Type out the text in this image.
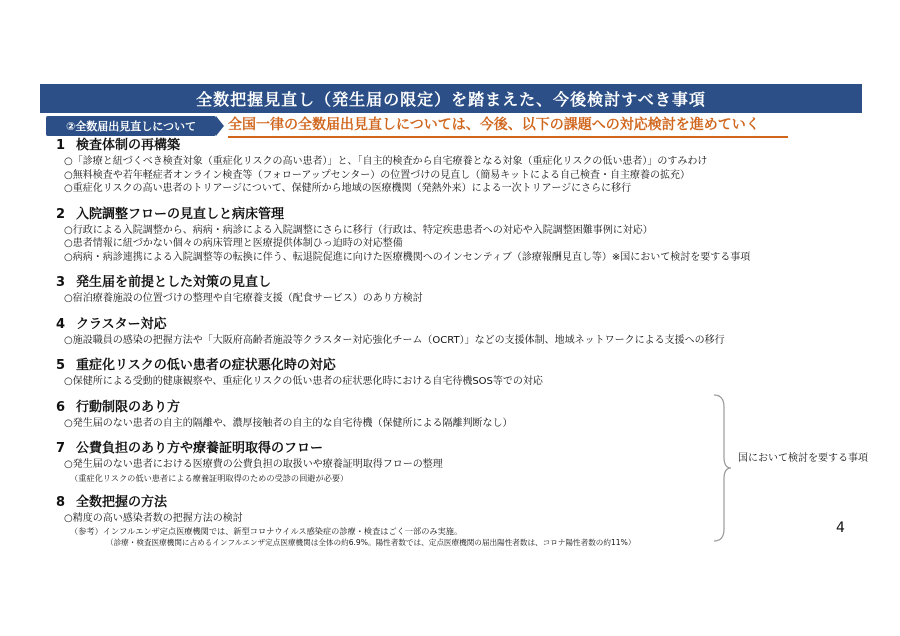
全数把握見直し（発生届の限定）を踏まえた、今後検討すべき事項
②全数届出見直しについて	全国一律の全数届出見直しについては、今後、以下の課題への対応検討を進めていく
1 検査体制の再構築
○「診療と紐づくべき検査対象（重症化リスクの高い患者）」と、「自主的検査から自宅療養となる対象（重症化リスクの低い患者）」のすみわけ
○無料検査や若年軽症者オンライン検査等（フォローアップセンター）の位置づけの見直し（簡易キットによる自己検査・自主療養の拡充）
○重症化リスクの高い患者のトリアージについて、保健所から地域の医療機関（発熱外来）による一次トリアージにさらに移行
2 入院調整フローの見直しと病床管理
○行政による入院調整から、病病・病診による入院調整にさらに移行（行政は、特定疾患患者への対応や入院調整困難事例に対応）
○患者情報に紐づかない個々の病床管理と医療提供体制ひっ迫時の対応整備
○病病・病診連携による入院調整等の転換に伴う、転退院促進に向けた医療機関へのインセンティブ（診療報酬見直し等）※国において検討を要する事項
3 発生届を前提とした対策の見直し
○宿泊療養施設の位置づけの整理や自宅療養支援（配食サービス）のあり方検討
4 クラスター対応
○施設職員の感染の把握方法や「大阪府高齢者施設等クラスター対応強化チーム（OCRT）」などの支援体制、地域ネットワークによる支援への移行
5 重症化リスクの低い患者の症状悪化時の対応
○保健所による受動的健康観察や、重症化リスクの低い患者の症状悪化時における自宅待機SOS等での対応
6 行動制限のあり方
○発生届のない患者の自主的隔離や、濃厚接触者の自主的な自宅待機（保健所による隔離判断なし）
7 公費負担のあり方や療養証明取得のフロー
○発生届のない患者における医療費の公費負担の取扱いや療養証明取得フローの整理
（重症化リスクの低い患者による療養証明取得のための受診の回避が必要）
8 全数把握の方法
○精度の高い感染者数の把握方法の検討
（参考）インフルエンザ定点医療機関では、新型コロナウイルス感染症の診療・検査はごく一部のみ実施。
（診療・検査医療機関に占めるインフルエンザ定点医療機関は全体の約6.9%。陽性者数では、定点医療機関の届出陽性者数は、コロナ陽性者数の約11%）
国において検討を要する事項
4
